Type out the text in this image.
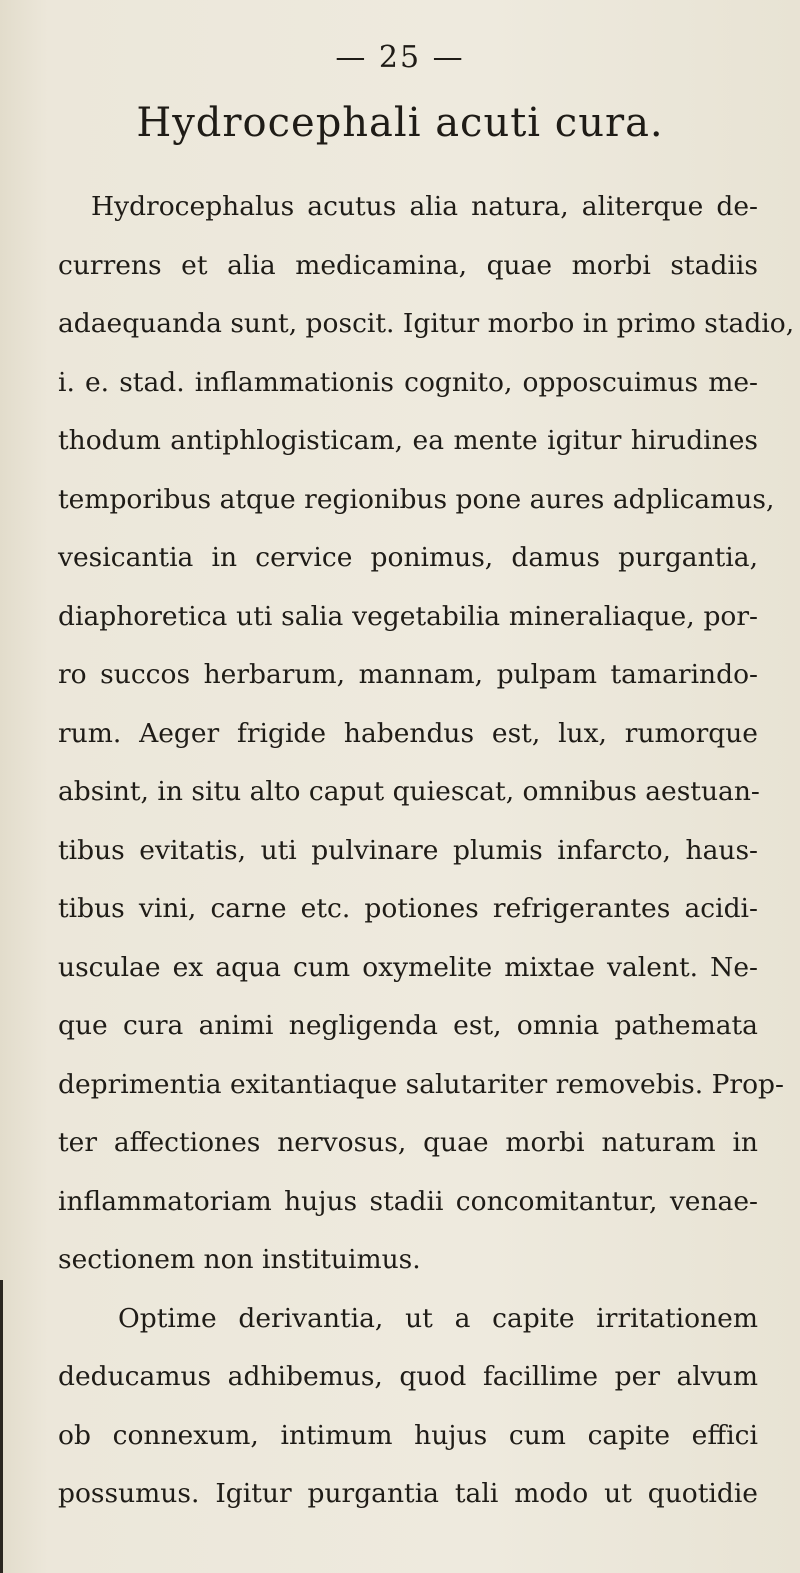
— 25 —
Hydrocephali acuti cura.
Hydrocephalus acutus alia natura, aliterque de-
currens et alia medicamina, quae morbi stadiis
adaequanda sunt, poscit. Igitur morbo in primo stadio,
i. e. stad. inflammationis cognito, opposcuimus me-
thodum antiphlogisticam, ea mente igitur hirudines
temporibus atque regionibus pone aures adplicamus,
vesicantia in cervice ponimus, damus purgantia,
diaphoretica uti salia vegetabilia mineraliaque, por-
ro succos herbarum, mannam, pulpam tamarindo-
rum. Aeger frigide habendus est, lux, rumorque
absint, in situ alto caput quiescat, omnibus aestuan-
tibus evitatis, uti pulvinare plumis infarcto, haus-
tibus vini, carne etc. potiones refrigerantes acidi-
usculae ex aqua cum oxymelite mixtae valent. Ne-
que cura animi negligenda est, omnia pathemata
deprimentia exitantiaque salutariter removebis. Prop-
ter affectiones nervosus, quae morbi naturam in
inflammatoriam hujus stadii concomitantur, venae-
sectionem non instituimus.
Optime derivantia, ut a capite irritationem
deducamus adhibemus, quod facillime per alvum
ob connexum, intimum hujus cum capite effici
possumus. Igitur purgantia tali modo ut quotidie
